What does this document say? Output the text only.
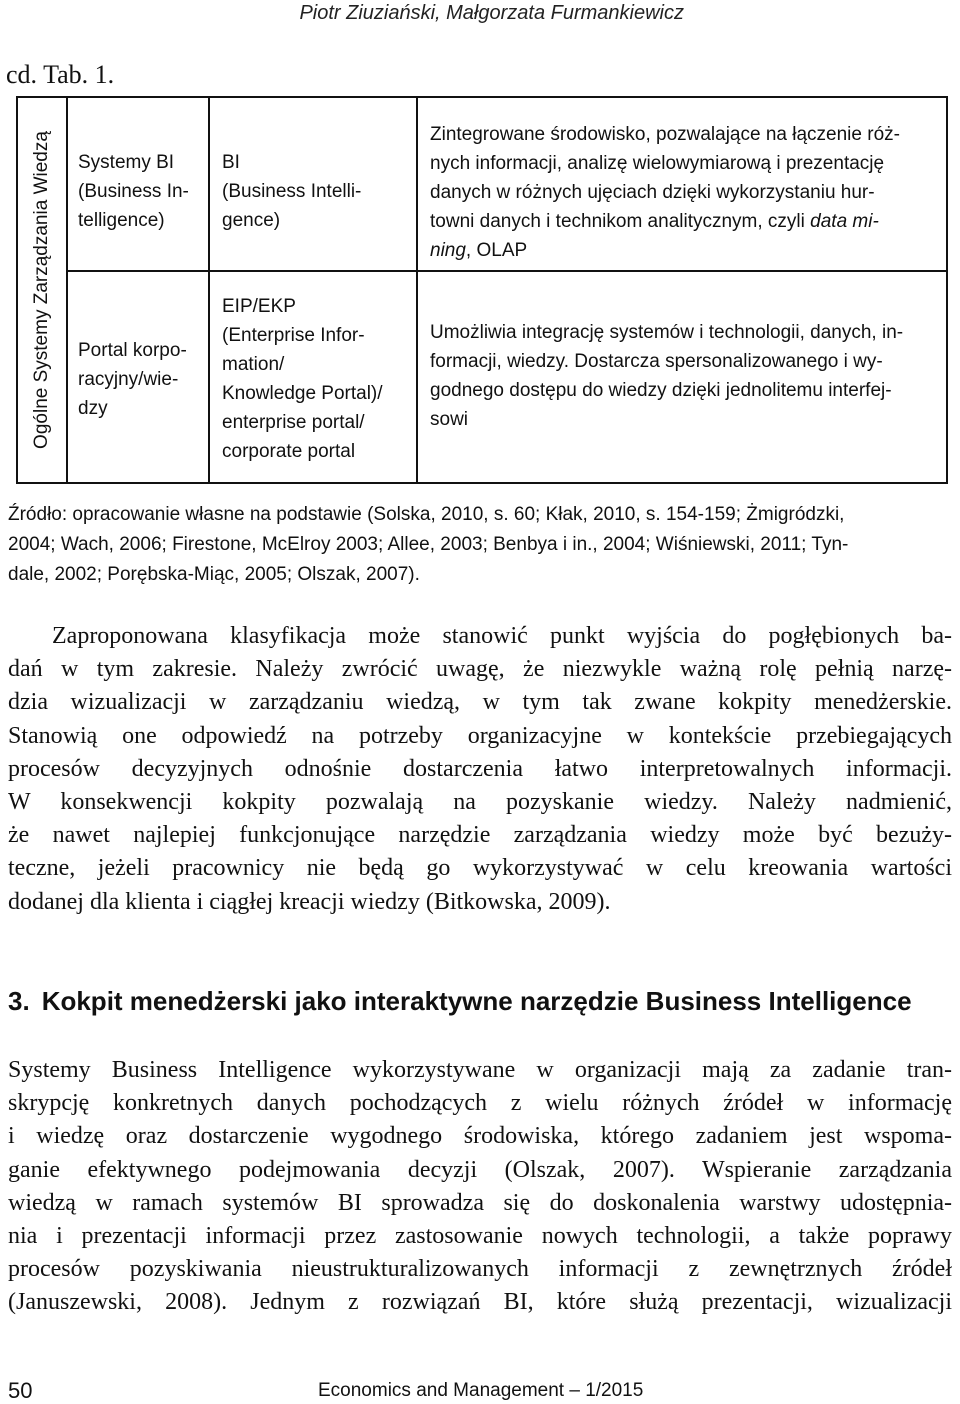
Piotr Ziuziański, Małgorzata Furmankiewicz
cd. Tab. 1.
Ogólne Systemy Zarządzania Wiedzą Systemy BI
(Business In-
telligence)
BI
(Business Intelli-
gence)
Zintegrowane środowisko, pozwalające na łączenie róż-
nych informacji, analizę wielowymiarową i prezentację
danych w różnych ujęciach dzięki wykorzystaniu hur-
towni danych i technikom analitycznym, czyli data mi-
ning, OLAP
Portal korpo-
racyjny/wie-
dzy
EIP/EKP
(Enterprise Infor-
mation/
Knowledge Portal)/
enterprise portal/
corporate portal
Umożliwia integrację systemów i technologii, danych, in-
formacji, wiedzy. Dostarcza spersonalizowanego i wy-
godnego dostępu do wiedzy dzięki jednolitemu interfej-
sowi
Źródło: opracowanie własne na podstawie (Solska, 2010, s. 60; Kłak, 2010, s. 154-159; Żmigródzki,
2004; Wach, 2006; Firestone, McElroy 2003; Allee, 2003; Benbya i in., 2004; Wiśniewski, 2011; Tyn-
dale, 2002; Porębska-Miąc, 2005; Olszak, 2007).
Zaproponowana klasyfikacja może stanowić punkt wyjścia do pogłębionych ba-
dań w tym zakresie. Należy zwrócić uwagę, że niezwykle ważną rolę pełnią narzę-
dzia wizualizacji w zarządzaniu wiedzą, w tym tak zwane kokpity menedżerskie.
Stanowią one odpowiedź na potrzeby organizacyjne w kontekście przebiegających
procesów decyzyjnych odnośnie dostarczenia łatwo interpretowalnych informacji.
W konsekwencji kokpity pozwalają na pozyskanie wiedzy. Należy nadmienić,
że nawet najlepiej funkcjonujące narzędzie zarządzania wiedzy może być bezuży-
teczne, jeżeli pracownicy nie będą go wykorzystywać w celu kreowania wartości
dodanej dla klienta i ciągłej kreacji wiedzy (Bitkowska, 2009).
3. Kokpit menedżerski jako interaktywne narzędzie Business Intelligence
Systemy Business Intelligence wykorzystywane w organizacji mają za zadanie tran-
skrypcję konkretnych danych pochodzących z wielu różnych źródeł w informację
i wiedzę oraz dostarczenie wygodnego środowiska, którego zadaniem jest wspoma-
ganie efektywnego podejmowania decyzji (Olszak, 2007). Wspieranie zarządzania
wiedzą w ramach systemów BI sprowadza się do doskonalenia warstwy udostępnia-
nia i prezentacji informacji przez zastosowanie nowych technologii, a także poprawy
procesów pozyskiwania nieustrukturalizowanych informacji z zewnętrznych źródeł
(Januszewski, 2008). Jednym z rozwiązań BI, które służą prezentacji, wizualizacji
50	Economics and Management – 1/2015
